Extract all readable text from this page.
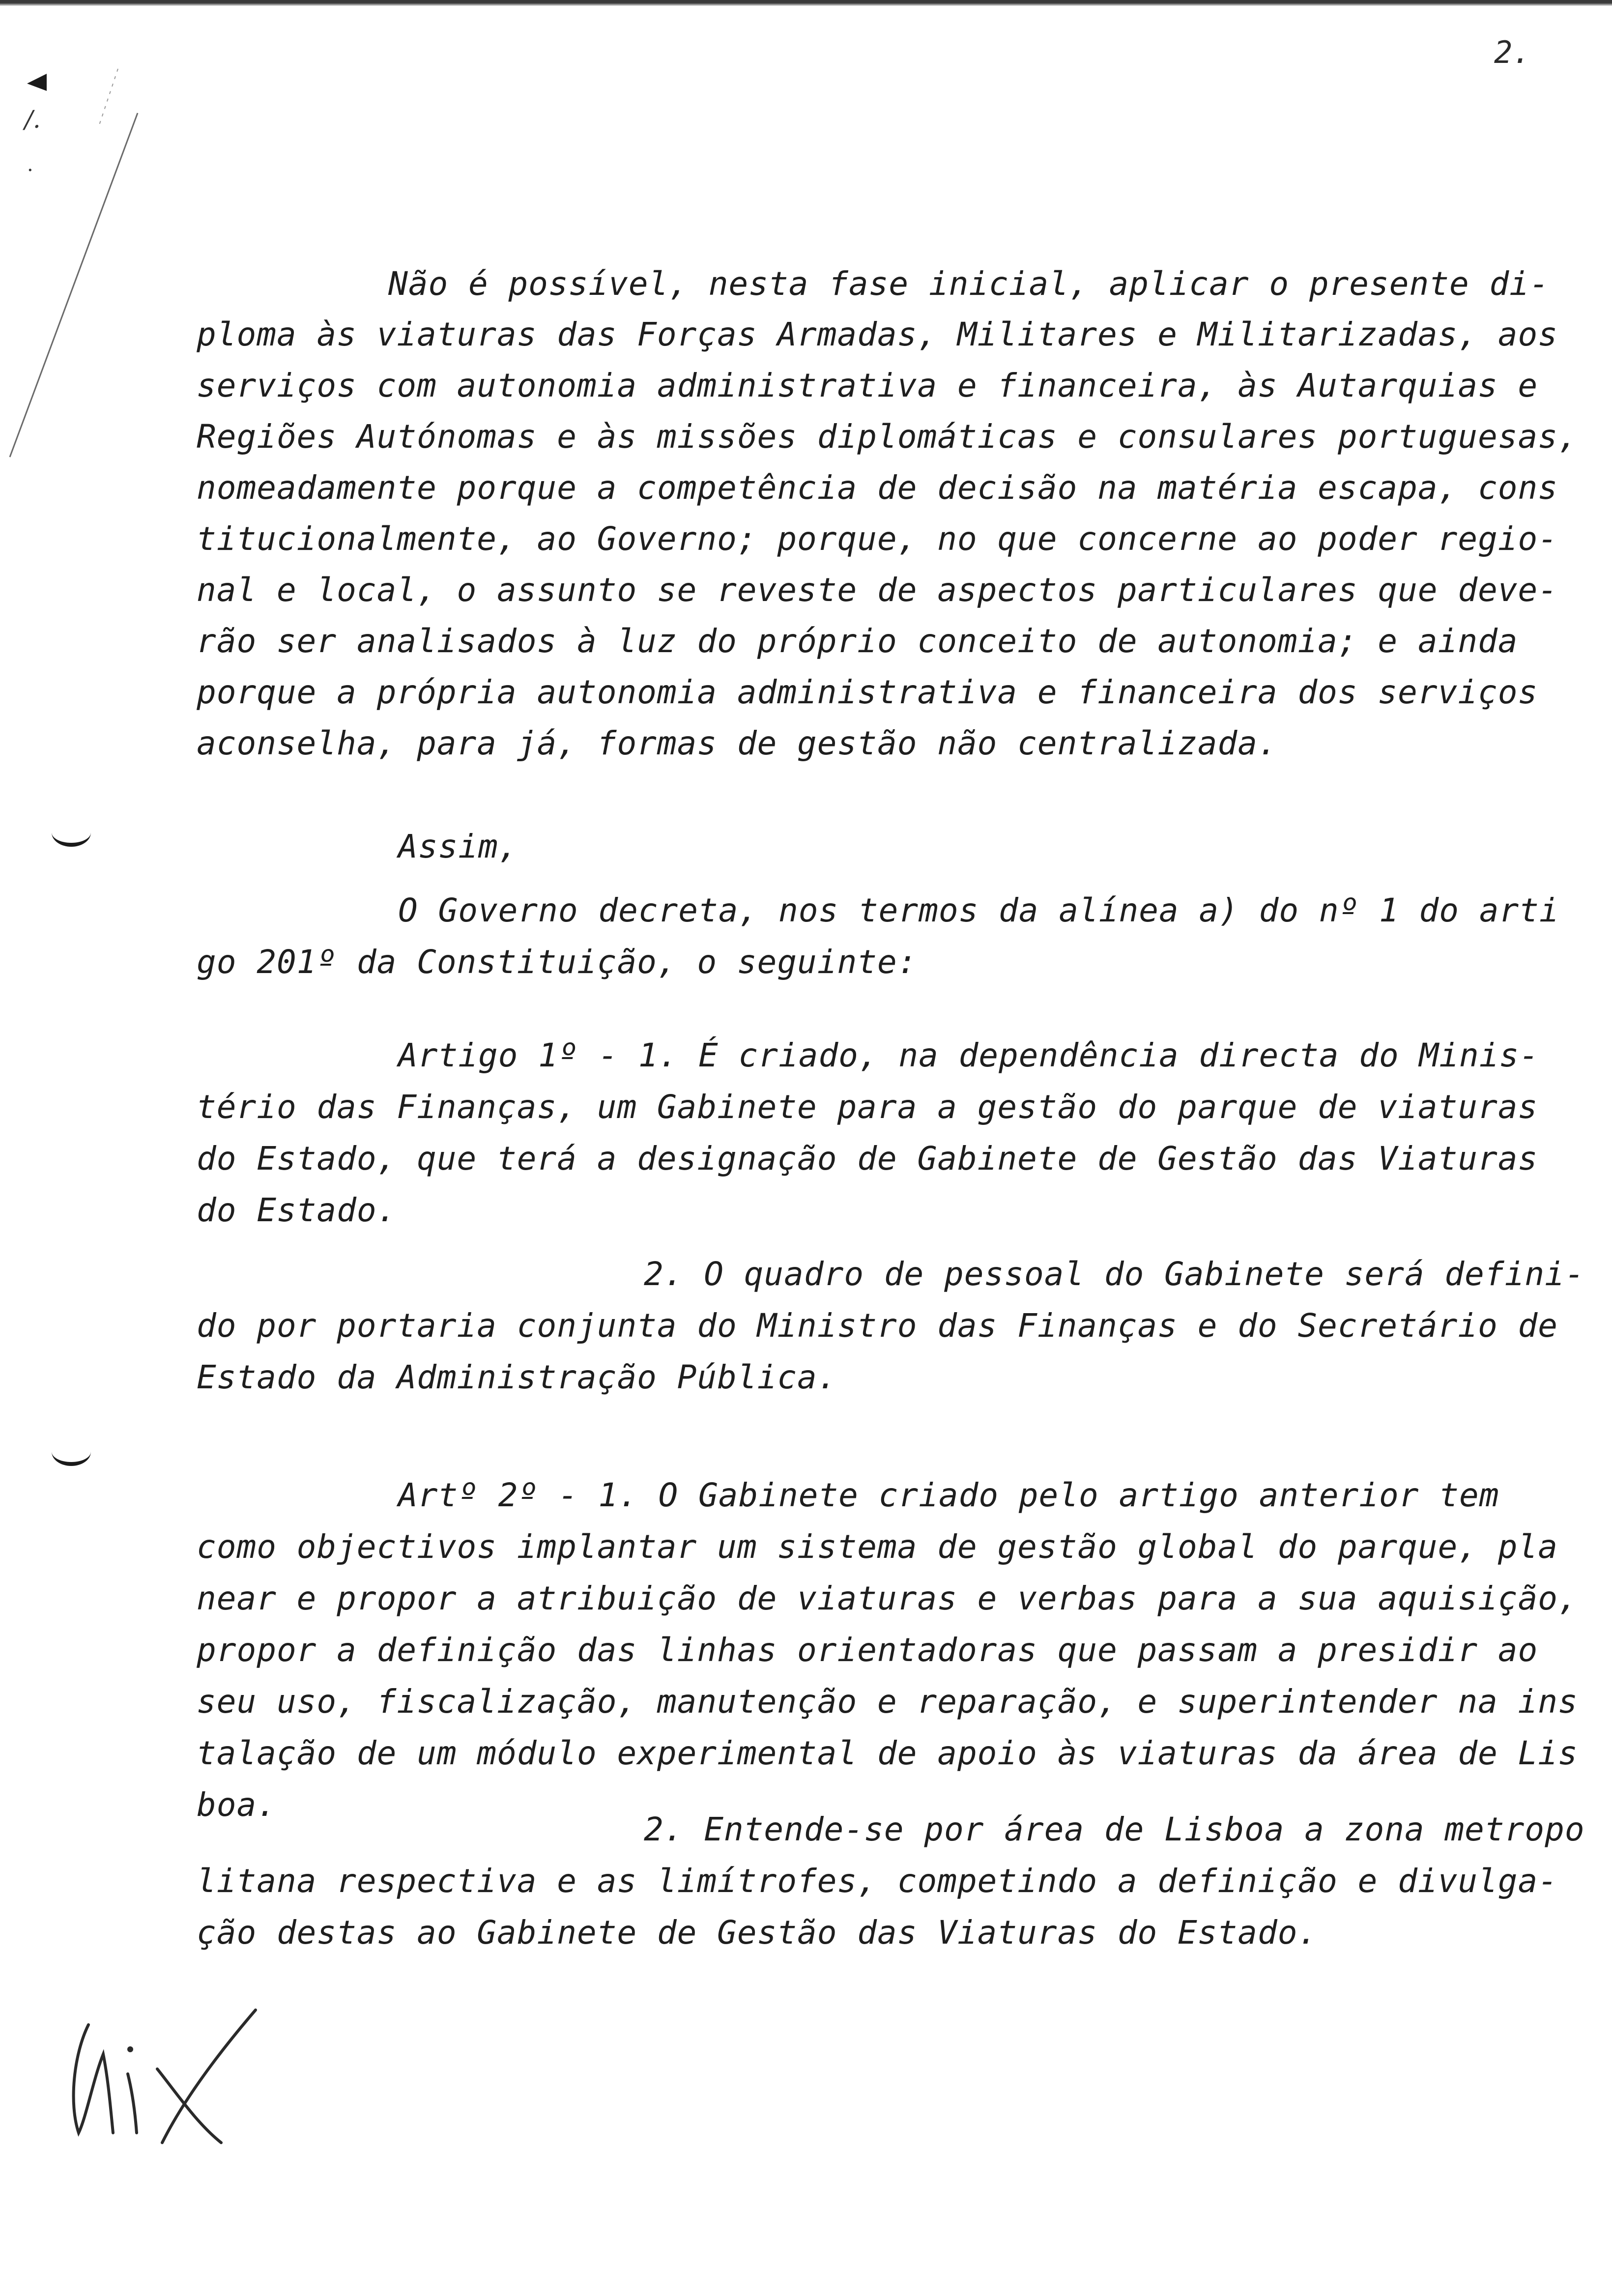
/.
·
2.
Não é possível, nesta fase inicial, aplicar o presente di-
ploma às viaturas das Forças Armadas, Militares e Militarizadas, aos
serviços com autonomia administrativa e financeira, às Autarquias e
Regiões Autónomas e às missões diplomáticas e consulares portuguesas,
nomeadamente porque a competência de decisão na matéria escapa, cons
titucionalmente, ao Governo; porque, no que concerne ao poder regio-
nal e local, o assunto se reveste de aspectos particulares que deve-
rão ser analisados à luz do próprio conceito de autonomia; e ainda
porque a própria autonomia administrativa e financeira dos serviços
aconselha, para já, formas de gestão não centralizada.
Assim,
O Governo decreta, nos termos da alínea a) do nº 1 do arti
go 201º da Constituição, o seguinte:
Artigo 1º - 1. É criado, na dependência directa do Minis-
tério das Finanças, um Gabinete para a gestão do parque de viaturas
do Estado, que terá a designação de Gabinete de Gestão das Viaturas
do Estado.
2. O quadro de pessoal do Gabinete será defini-
do por portaria conjunta do Ministro das Finanças e do Secretário de
Estado da Administração Pública.
Artº 2º - 1. O Gabinete criado pelo artigo anterior tem
como objectivos implantar um sistema de gestão global do parque, pla
near e propor a atribuição de viaturas e verbas para a sua aquisição,
propor a definição das linhas orientadoras que passam a presidir ao
seu uso, fiscalização, manutenção e reparação, e superintender na ins
talação de um módulo experimental de apoio às viaturas da área de Lis
boa.
2. Entende-se por área de Lisboa a zona metropo
litana respectiva e as limítrofes, competindo a definição e divulga-
ção destas ao Gabinete de Gestão das Viaturas do Estado.
